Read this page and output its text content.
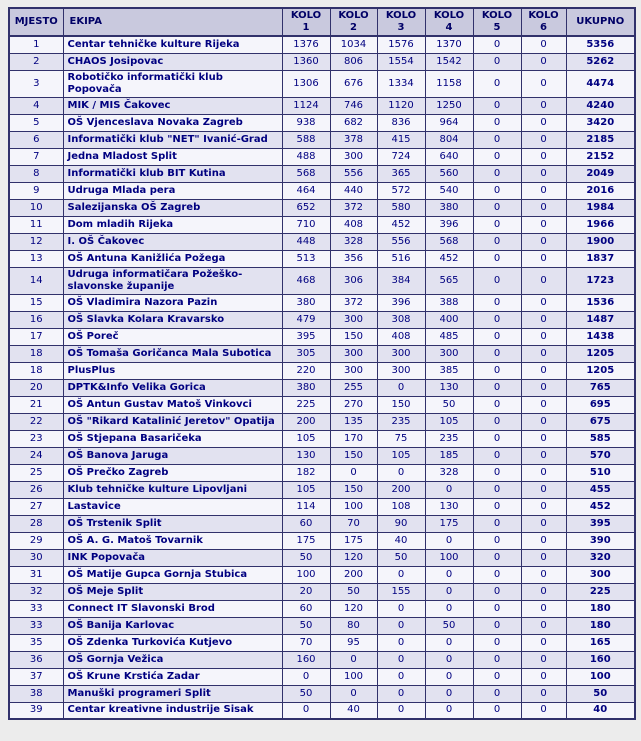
MJESTO	EKIPA	KOLO 1	KOLO 2	KOLO 3	KOLO 4	KOLO 5	KOLO 6	UKUPNO
1	Centar tehničke kulture Rijeka	1376	1034	1576	1370	0	0	5356
2	CHAOS Josipovac	1360	806	1554	1542	0	0	5262
3	Robotičko informatički klub Popovača	1306	676	1334	1158	0	0	4474
4	MIK / MIS Čakovec	1124	746	1120	1250	0	0	4240
5	OŠ Vjenceslava Novaka Zagreb	938	682	836	964	0	0	3420
6	Informatički klub "NET" Ivanić-Grad	588	378	415	804	0	0	2185
7	Jedna Mladost Split	488	300	724	640	0	0	2152
8	Informatički klub BIT Kutina	568	556	365	560	0	0	2049
9	Udruga Mlada pera	464	440	572	540	0	0	2016
10	Salezijanska OŠ Zagreb	652	372	580	380	0	0	1984
11	Dom mladih Rijeka	710	408	452	396	0	0	1966
12	I. OŠ Čakovec	448	328	556	568	0	0	1900
13	OŠ Antuna Kanižlića Požega	513	356	516	452	0	0	1837
14	Udruga informatičara Požeško-slavonske županije	468	306	384	565	0	0	1723
15	OŠ Vladimira Nazora Pazin	380	372	396	388	0	0	1536
16	OŠ Slavka Kolara Kravarsko	479	300	308	400	0	0	1487
17	OŠ Poreč	395	150	408	485	0	0	1438
18	OŠ Tomaša Goričanca Mala Subotica	305	300	300	300	0	0	1205
18	PlusPlus	220	300	300	385	0	0	1205
20	DPTK&Info Velika Gorica	380	255	0	130	0	0	765
21	OŠ Antun Gustav Matoš Vinkovci	225	270	150	50	0	0	695
22	OŠ "Rikard Katalinić Jeretov" Opatija	200	135	235	105	0	0	675
23	OŠ Stjepana Basaričeka	105	170	75	235	0	0	585
24	OŠ Banova Jaruga	130	150	105	185	0	0	570
25	OŠ Prečko Zagreb	182	0	0	328	0	0	510
26	Klub tehničke kulture Lipovljani	105	150	200	0	0	0	455
27	Lastavice	114	100	108	130	0	0	452
28	OŠ Trstenik Split	60	70	90	175	0	0	395
29	OŠ A. G. Matoš Tovarnik	175	175	40	0	0	0	390
30	INK Popovača	50	120	50	100	0	0	320
31	OŠ Matije Gupca Gornja Stubica	100	200	0	0	0	0	300
32	OŠ Meje Split	20	50	155	0	0	0	225
33	Connect IT Slavonski Brod	60	120	0	0	0	0	180
33	OŠ Banija Karlovac	50	80	0	50	0	0	180
35	OŠ Zdenka Turkovića Kutjevo	70	95	0	0	0	0	165
36	OŠ Gornja Vežica	160	0	0	0	0	0	160
37	OŠ Krune Krstića Zadar	0	100	0	0	0	0	100
38	Manuški programeri Split	50	0	0	0	0	0	50
39	Centar kreativne industrije Sisak	0	40	0	0	0	0	40
